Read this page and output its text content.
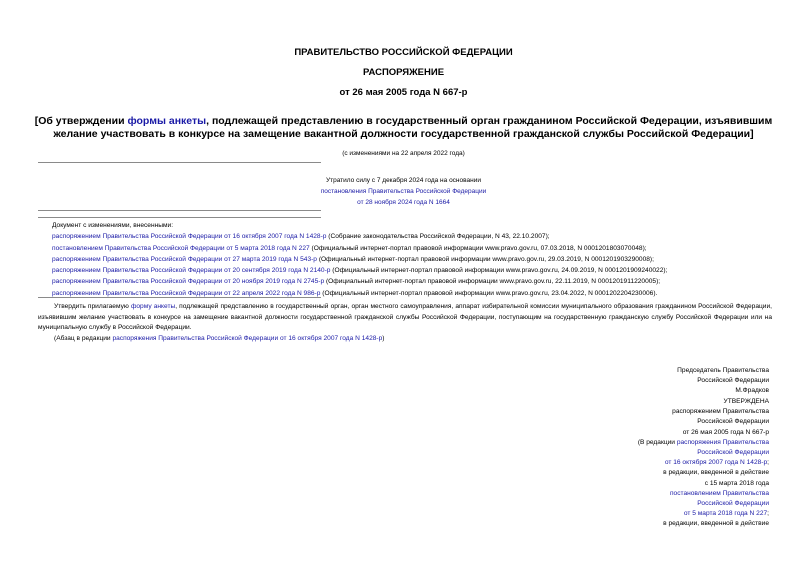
ПРАВИТЕЛЬСТВО РОССИЙСКОЙ ФЕДЕРАЦИИ
РАСПОРЯЖЕНИЕ
от 26 мая 2005 года N 667-р
[Об утверждении формы анкеты, подлежащей представлению в государственный орган гражданином Российской Федерации, изъявившим желание участвовать в конкурсе на замещение вакантной должности государственной гражданской службы Российской Федерации]
(с изменениями на 22 апреля 2022 года)
Утратило силу с 7 декабря 2024 года на основании
постановления Правительства Российской Федерации
от 28 ноября 2024 года N 1664
Документ с изменениями, внесенными:
распоряжением Правительства Российской Федерации от 16 октября 2007 года N 1428-р (Собрание законодательства Российской Федерации, N 43, 22.10.2007);
постановлением Правительства Российской Федерации от 5 марта 2018 года N 227 (Официальный интернет-портал правовой информации www.pravo.gov.ru, 07.03.2018, N 0001201803070048);
распоряжением Правительства Российской Федерации от 27 марта 2019 года N 543-р (Официальный интернет-портал правовой информации www.pravo.gov.ru, 29.03.2019, N 0001201903290008);
распоряжением Правительства Российской Федерации от 20 сентября 2019 года N 2140-р (Официальный интернет-портал правовой информации www.pravo.gov.ru, 24.09.2019, N 0001201909240022);
распоряжением Правительства Российской Федерации от 20 ноября 2019 года N 2745-р (Официальный интернет-портал правовой информации www.pravo.gov.ru, 22.11.2019, N 0001201911220005);
распоряжением Правительства Российской Федерации от 22 апреля 2022 года N 986-р (Официальный интернет-портал правовой информации www.pravo.gov.ru, 23.04.2022, N 0001202204230006).
Утвердить прилагаемую форму анкеты, подлежащей представлению в государственный орган, орган местного самоуправления, аппарат избирательной комиссии муниципального образования гражданином Российской Федерации, изъявившим желание участвовать в конкурсе на замещение вакантной должности государственной гражданской службы Российской Федерации, поступающим на государственную гражданскую службу Российской Федерации или на муниципальную службу в Российской Федерации.
(Абзац в редакции распоряжения Правительства Российской Федерации от 16 октября 2007 года N 1428-р)
Председатель Правительства
Российской Федерации
М.Фрадков
УТВЕРЖДЕНА
распоряжением Правительства
Российской Федерации
от 26 мая 2005 года N 667-р
(В редакции распоряжения Правительства
Российской Федерации
от 16 октября 2007 года N 1428-р;
в редакции, введенной в действие
с 15 марта 2018 года
постановлением Правительства
Российской Федерации
от 5 марта 2018 года N 227;
в редакции, введенной в действие
